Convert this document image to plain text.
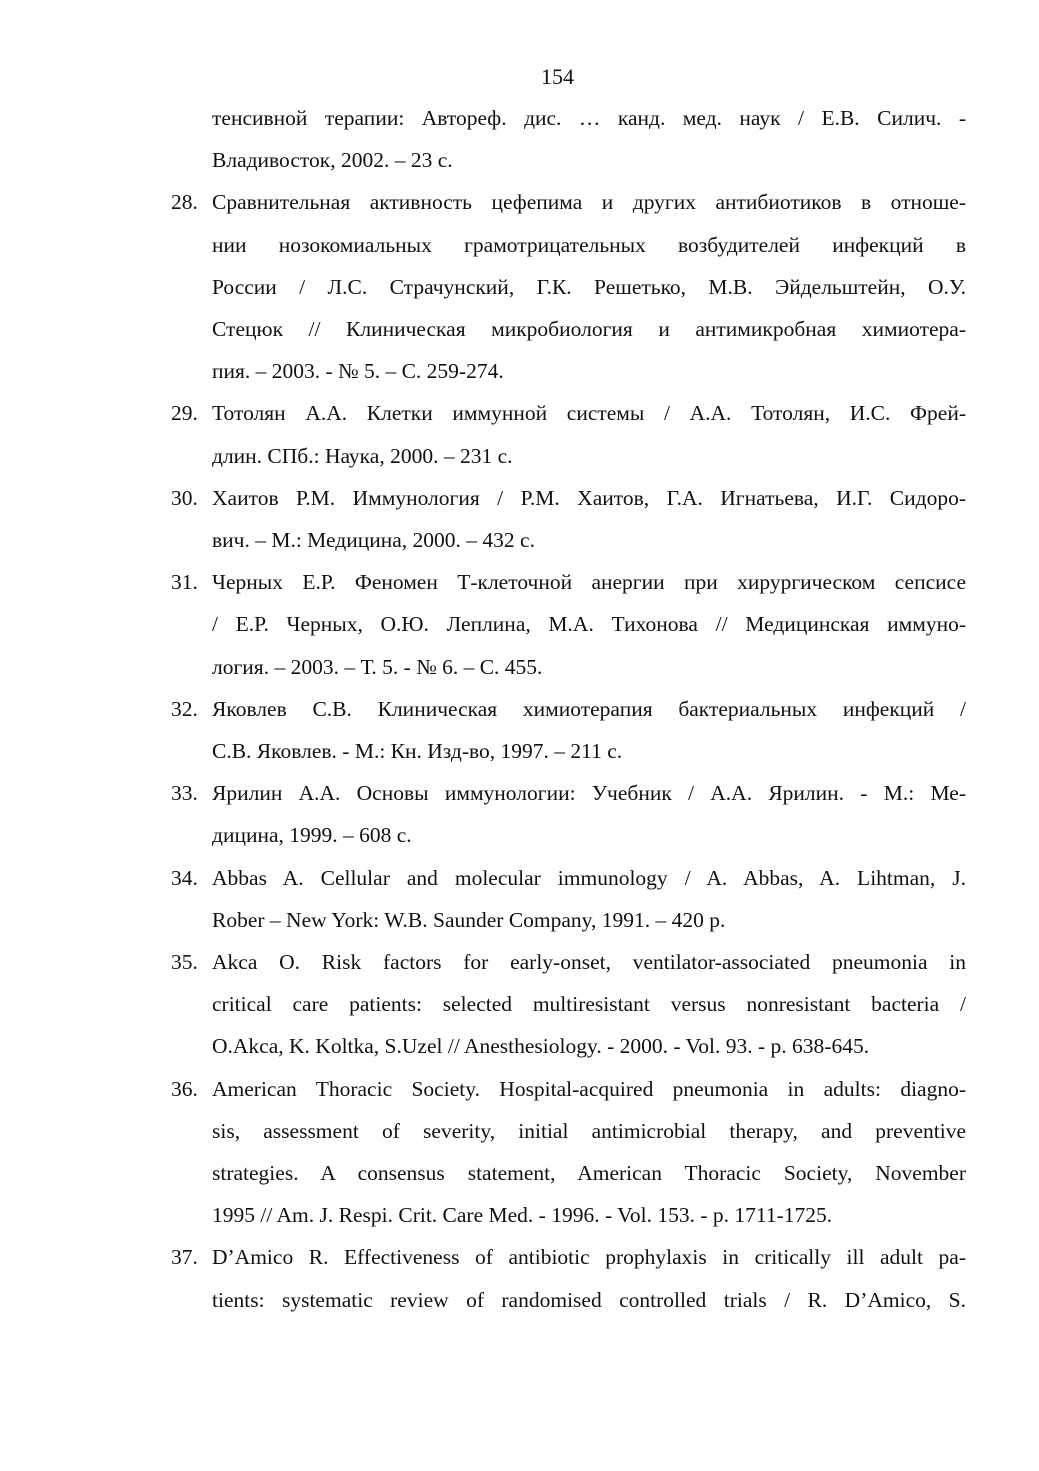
154
тенсивной терапии: Автореф. дис. … канд. мед. наук / Е.В. Силич. -
Владивосток, 2002. – 23 с.
28. Сравнительная активность цефепима и других антибиотиков в отноше-
нии нозокомиальных грамотрицательных возбудителей инфекций в
России / Л.С. Страчунский, Г.К. Решетько, М.В. Эйдельштейн, О.У.
Стецюк // Клиническая микробиология и антимикробная химиотера-
пия. – 2003. - № 5. – С. 259-274.
29. Тотолян А.А. Клетки иммунной системы / А.А. Тотолян, И.С. Фрей-
длин. СПб.: Наука, 2000. – 231 с.
30. Хаитов Р.М. Иммунология / Р.М. Хаитов, Г.А. Игнатьева, И.Г. Сидоро-
вич. – М.: Медицина, 2000. – 432 с.
31. Черных Е.Р. Феномен Т-клеточной анергии при хирургическом сепсисе
/ Е.Р. Черных, О.Ю. Леплина, М.А. Тихонова // Медицинская иммуно-
логия. – 2003. – Т. 5. - № 6. – С. 455.
32. Яковлев С.В. Клиническая химиотерапия бактериальных инфекций /
С.В. Яковлев. - М.: Кн. Изд-во, 1997. – 211 с.
33. Ярилин А.А. Основы иммунологии: Учебник / А.А. Ярилин. - М.: Ме-
дицина, 1999. – 608 с.
34. Abbas A. Cellular and molecular immunology / A. Abbas, A. Lihtman, J.
Rober – New York: W.B. Saunder Company, 1991. – 420 p.
35. Akca O. Risk factors for early-onset, ventilator-associated pneumonia in
critical care patients: selected multiresistant versus nonresistant bacteria /
O.Akca, K. Koltka, S.Uzel // Anesthesiology. - 2000. - Vol. 93. - p. 638-645.
36. American Thoracic Society. Hospital-acquired pneumonia in adults: diagno-
sis, assessment of severity, initial antimicrobial therapy, and preventive
strategies. A consensus statement, American Thoracic Society, November
1995 // Am. J. Respi. Crit. Care Med. - 1996. - Vol. 153. - p. 1711-1725.
37. D’Amico R. Effectiveness of antibiotic prophylaxis in critically ill adult pa-
tients: systematic review of randomised controlled trials / R. D’Amico, S.
